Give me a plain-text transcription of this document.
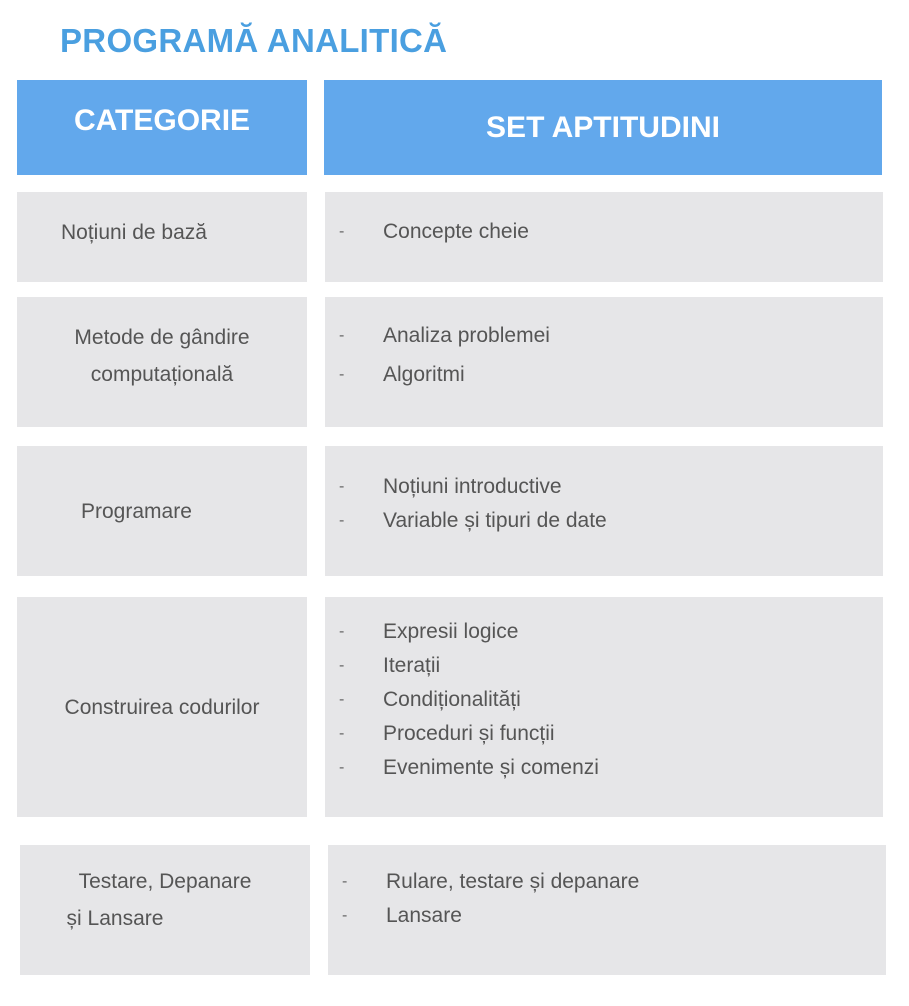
PROGRAMĂ ANALITICĂ
CATEGORIE	SET APTITUDINI
Noțiuni de bază	- Concepte cheie
Metode de gândire
computațională
- Analiza problemei
- Algoritmi
Programare
- Noțiuni introductive
- Variable și tipuri de date
Construirea codurilor
- Expresii logice
- Iterații
- Condiționalități
- Proceduri și funcții
- Evenimente și comenzi
Testare, Depanare
și Lansare
- Rulare, testare și depanare
- Lansare
